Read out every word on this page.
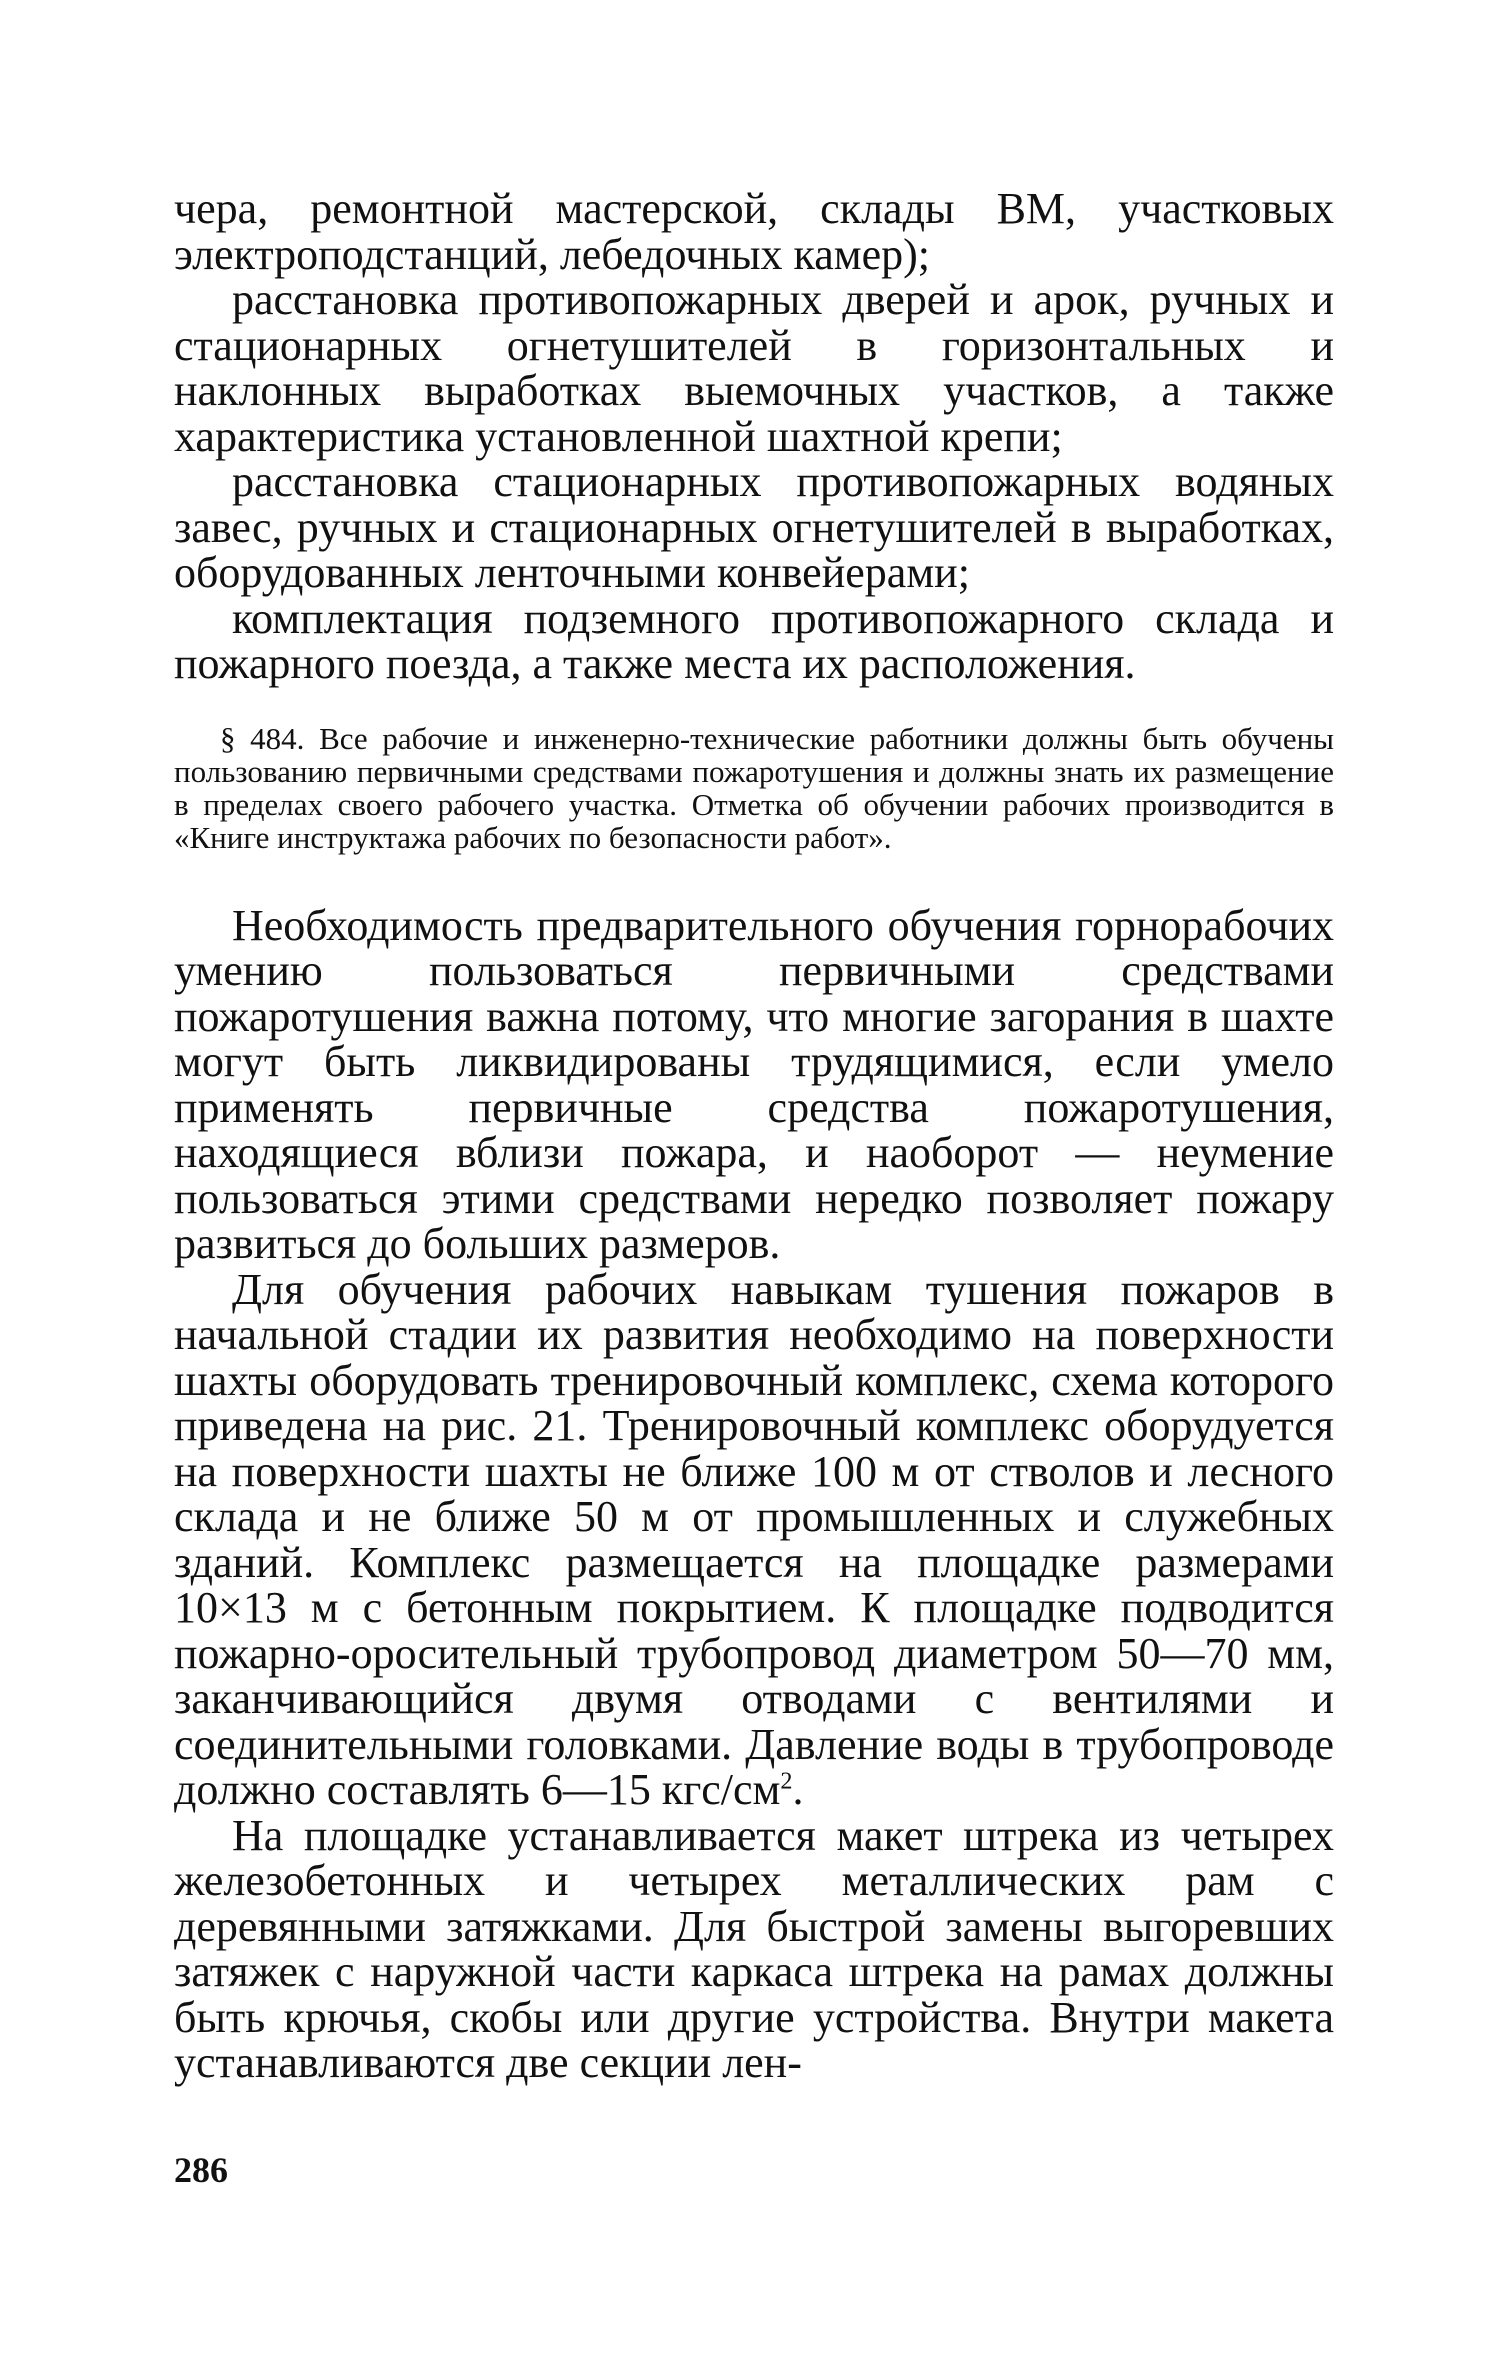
чера, ремонтной мастерской, склады ВМ, участковых электроподстанций, лебедочных камер);

расстановка противопожарных дверей и арок, ручных и стационарных огнетушителей в горизонтальных и наклонных выработках выемочных участков, а также характеристика установленной шахтной крепи;

расстановка стационарных противопожарных водяных завес, ручных и стационарных огнетушителей в выработках, оборудованных ленточными конвейерами;

комплектация подземного противопожарного склада и пожарного поезда, а также места их расположения.

§ 484. Все рабочие и инженерно-технические работники должны быть обучены пользованию первичными средствами пожаротушения и должны знать их размещение в пределах своего рабочего участка. Отметка об обучении рабочих производится в «Книге инструктажа рабочих по безопасности работ».

Необходимость предварительного обучения горнорабочих умению пользоваться первичными средствами пожаротушения важна потому, что многие загорания в шахте могут быть ликвидированы трудящимися, если умело применять первичные средства пожаротушения, находящиеся вблизи пожара, и наоборот — неумение пользоваться этими средствами нередко позволяет пожару развиться до больших размеров.

Для обучения рабочих навыкам тушения пожаров в начальной стадии их развития необходимо на поверхности шахты оборудовать тренировочный комплекс, схема которого приведена на рис. 21. Тренировочный комплекс оборудуется на поверхности шахты не ближе 100 м от стволов и лесного склада и не ближе 50 м от промышленных и служебных зданий. Комплекс размещается на площадке размерами 10×13 м с бетонным покрытием. К площадке подводится пожарно-оросительный трубопровод диаметром 50—70 мм, заканчивающийся двумя отводами с вентилями и соединительными головками. Давление воды в трубопроводе должно составлять 6—15 кгс/$см^2$.

На площадке устанавливается макет штрека из четырех железобетонных и четырех металлических рам с деревянными затяжками. Для быстрой замены выгоревших затяжек с наружной части каркаса штрека на рамах должны быть крючья, скобы или другие устройства. Внутри макета устанавливаются две секции лен-

286
